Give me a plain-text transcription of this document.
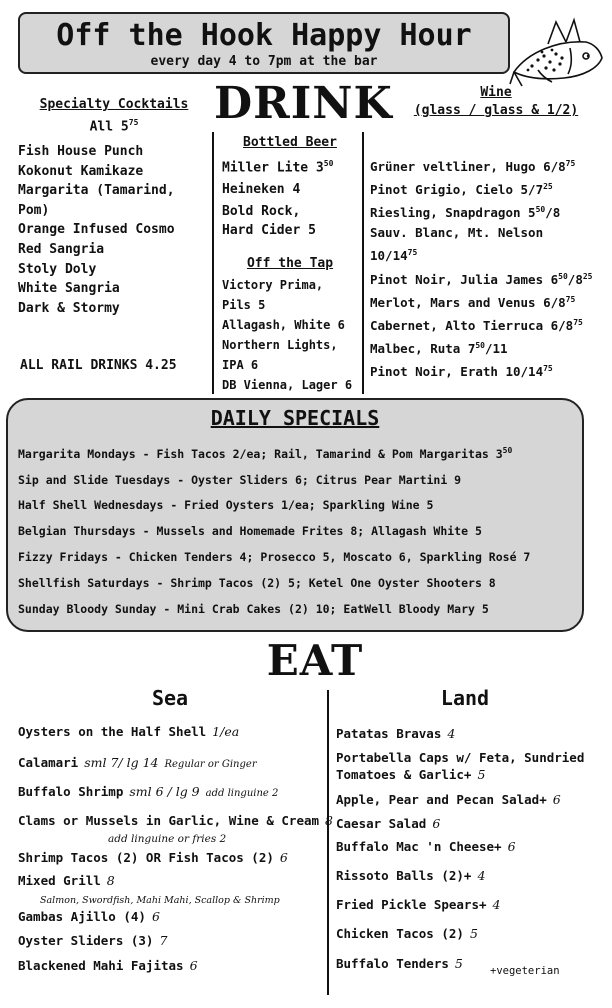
Off the Hook Happy Hour
every day 4 to 7pm at the bar
DRINK
Specialty Cocktails
All $5^{75}$
Fish House Punch
Kokonut Kamikaze
Margarita (Tamarind,
Pom)
Orange Infused Cosmo
Red Sangria
Stoly Doly
White Sangria
Dark & Stormy
ALL RAIL DRINKS 4.25
Bottled Beer
Miller Lite $3^{50}$
Heineken 4
Bold Rock,
Hard Cider 5
Off the Tap
Victory Prima,
Pils 5
Allagash, White 6
Northern Lights,
IPA 6
DB Vienna, Lager 6
Wine
(glass / glass & 1/2)
Grüner veltliner, Hugo $6/8^{75}$
Pinot Grigio, Cielo $5/7^{25}$
Riesling, Snapdragon $5^{50}/8$
Sauv. Blanc, Mt. Nelson
$10/14^{75}$
Pinot Noir, Julia James $6^{50}/8^{25}$
Merlot, Mars and Venus $6/8^{75}$
Cabernet, Alto Tierruca $6/8^{75}$
Malbec, Ruta $7^{50}/11$
Pinot Noir, Erath $10/14^{75}$
DAILY SPECIALS
Margarita Mondays - Fish Tacos 2/ea; Rail, Tamarind & Pom Margaritas $3^{50}$
Sip and Slide Tuesdays - Oyster Sliders 6; Citrus Pear Martini 9
Half Shell Wednesdays - Fried Oysters 1/ea; Sparkling Wine 5
Belgian Thursdays - Mussels and Homemade Frites 8; Allagash White 5
Fizzy Fridays - Chicken Tenders 4; Prosecco 5, Moscato 6, Sparkling Rosé 7
Shellfish Saturdays - Shrimp Tacos (2) 5; Ketel One Oyster Shooters 8
Sunday Bloody Sunday - Mini Crab Cakes (2) 10; EatWell Bloody Mary 5
EAT
Sea	Land
Oysters on the Half Shell 1/ea
Calamari sml 7/ lg 14 Regular or Ginger
Buffalo Shrimp sml 6 / lg 9 add linguine 2
Clams or Mussels in Garlic, Wine & Cream 8
Shrimp Tacos (2) OR Fish Tacos (2) 6
Mixed Grill 8
Gambas Ajillo (4) 6
Oyster Sliders (3) 7
Blackened Mahi Fajitas 6
add linguine or fries 2
Salmon, Swordfish, Mahi Mahi, Scallop & Shrimp
Patatas Bravas 4
Portabella Caps w/ Feta, Sundried
Tomatoes & Garlic+ 5
Apple, Pear and Pecan Salad+ 6
Caesar Salad 6
Buffalo Mac 'n Cheese+ 6
Rissoto Balls (2)+ 4
Fried Pickle Spears+ 4
Chicken Tacos (2) 5
Buffalo Tenders 5	+vegeterian
